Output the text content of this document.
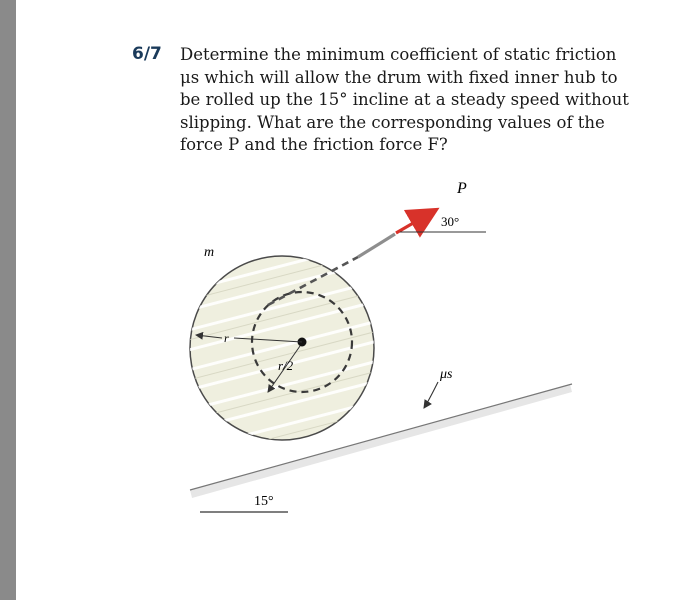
6/7 Determine the minimum coefficient of static friction
μs which will allow the drum with fixed inner hub to
be rolled up the 15° incline at a steady speed without
slipping. What are the corresponding values of the
force P and the friction force F?

P
30°
m
r
r/2
μs
15°
